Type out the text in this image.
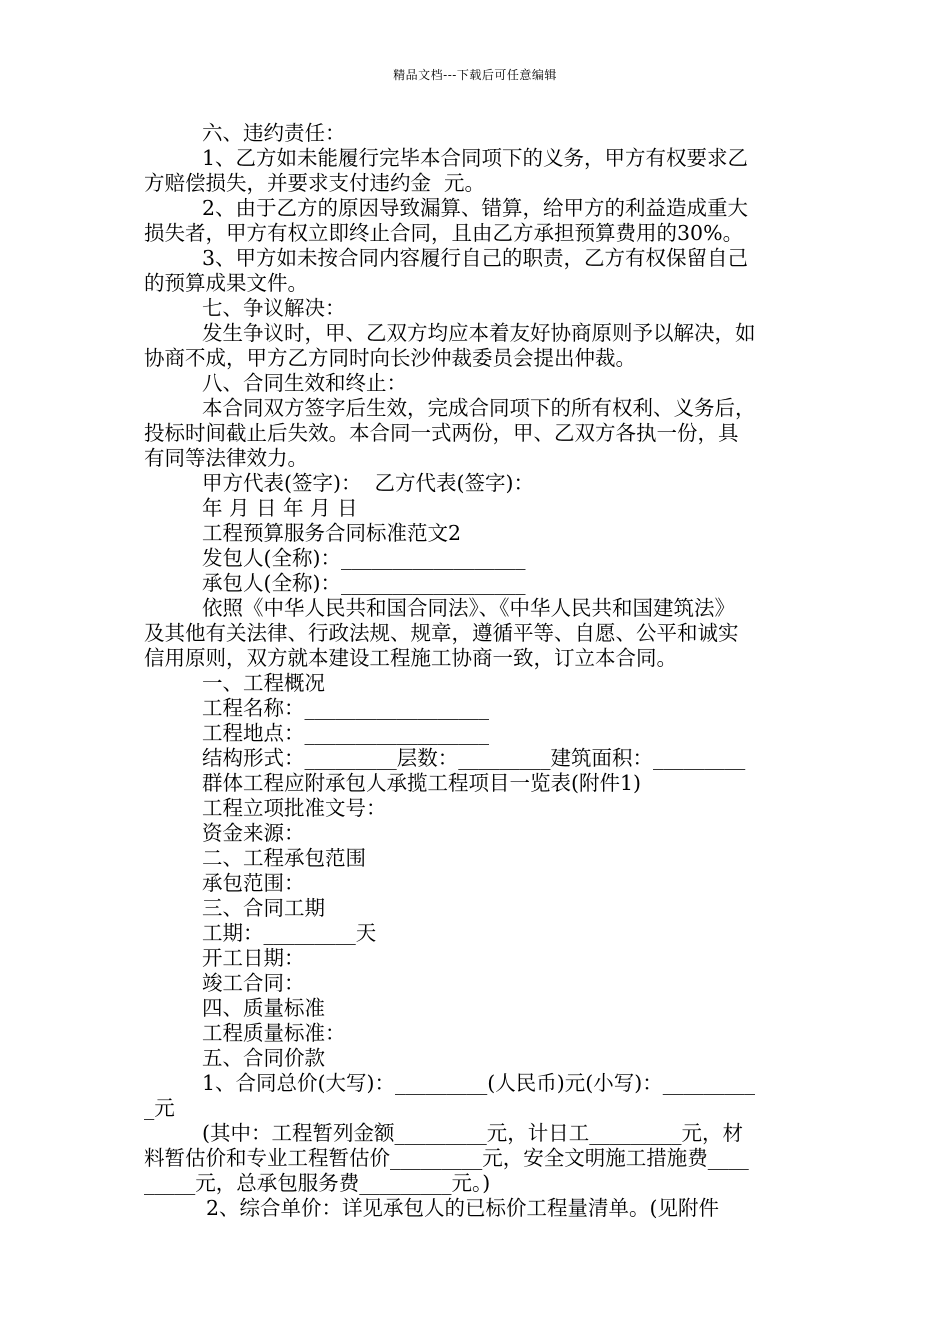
精品文档---下载后可任意编辑
六、违约责任：
1、乙方如未能履行完毕本合同项下的义务，甲方有权要求乙
方赔偿损失，并要求支付违约金  元。
2、由于乙方的原因导致漏算、错算，给甲方的利益造成重大
损失者，甲方有权立即终止合同，且由乙方承担预算费用的30%。
3、甲方如未按合同内容履行自己的职责，乙方有权保留自己
的预算成果文件。
七、争议解决：
发生争议时，甲、乙双方均应本着友好协商原则予以解决，如
协商不成，甲方乙方同时向长沙仲裁委员会提出仲裁。
八、合同生效和终止：
本合同双方签字后生效，完成合同项下的所有权利、义务后，
投标时间截止后失效。本合同一式两份，甲、乙双方各执一份，具
有同等法律效力。
甲方代表(签字)：  乙方代表(签字)：
年 月 日 年 月 日
工程预算服务合同标准范文2
发包人(全称)：__________________
承包人(全称)：__________________
依照《中华人民共和国合同法》、《中华人民共和国建筑法》
及其他有关法律、行政法规、规章，遵循平等、自愿、公平和诚实
信用原则，双方就本建设工程施工协商一致，订立本合同。
一、工程概况
工程名称：__________________
工程地点：__________________
结构形式：_________层数：_________建筑面积：_________
群体工程应附承包人承揽工程项目一览表(附件1)
工程立项批准文号：
资金来源：
二、工程承包范围
承包范围：
三、合同工期
工期：_________天
开工日期：
竣工合同：
四、质量标准
工程质量标准：
五、合同价款
1、合同总价(大写)：_________(人民币)元(小写)：_________
_元
(其中：工程暂列金额_________元，计日工_________元，材
料暂估价和专业工程暂估价_________元，安全文明施工措施费____
_____元，总承包服务费_________元。)
2、综合单价：详见承包人的已标价工程量清单。(见附件
